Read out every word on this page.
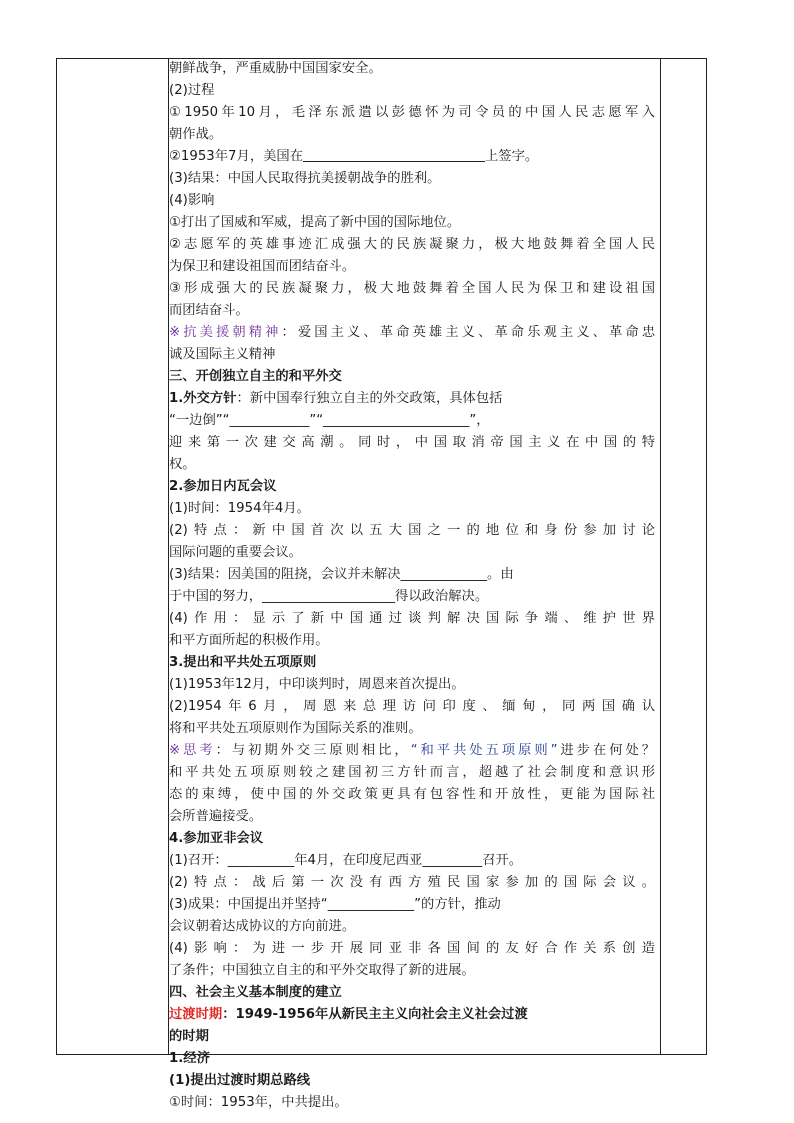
朝鲜战争，严重威胁中国国家安全。
(2)过程
①1950年10月，毛泽东派遣以彭德怀为司令员的中国人民志愿军入
朝作战。
②1953年7月，美国在	上签字。
(3)结果：中国人民取得抗美援朝战争的胜利。
(4)影响
①打出了国威和军威，提高了新中国的国际地位。
②志愿军的英雄事迹汇成强大的民族凝聚力，极大地鼓舞着全国人民
为保卫和建设祖国而团结奋斗。
③形成强大的民族凝聚力，极大地鼓舞着全国人民为保卫和建设祖国
而团结奋斗。
※抗美援朝精神：爱国主义、革命英雄主义、革命乐观主义、革命忠
诚及国际主义精神
三、开创独立自主的和平外交
1.外交方针：新中国奉行独立自主的外交政策，具体包括
“一边倒”“____________”“______________________”，
迎来第一次建交高潮。同时，中国取消帝国主义在中国的特
权。
2.参加日内瓦会议
(1)时间：1954年4月。
(2)特点：新中国首次以五大国之一的地位和身份参加讨论
国际问题的重要会议。
(3)结果：因美国的阻挠，会议并未解决_____________。由
于中国的努力，____________________得以政治解决。
(4)作用：显示了新中国通过谈判解决国际争端、维护世界
和平方面所起的积极作用。
3.提出和平共处五项原则
(1)1953年12月，中印谈判时，周恩来首次提出。
(2)1954年6月，周恩来总理访问印度、缅甸，同两国确认
将和平共处五项原则作为国际关系的准则。
※思考：与初期外交三原则相比，“和平共处五项原则”进步在何处？
和平共处五项原则较之建国初三方针而言，超越了社会制度和意识形
态的束缚，使中国的外交政策更具有包容性和开放性，更能为国际社
会所普遍接受。
4.参加亚非会议
(1)召开：__________年4月，在印度尼西亚_________召开。
(2)特点：战后第一次没有西方殖民国家参加的国际会议。
(3)成果：中国提出并坚持“_____________”的方针，推动
会议朝着达成协议的方向前进。
(4)影响：为进一步开展同亚非各国间的友好合作关系创造
了条件；中国独立自主的和平外交取得了新的进展。
四、社会主义基本制度的建立
过渡时期：1949-1956年从新民主主义向社会主义社会过渡
的时期
1.经济
(1)提出过渡时期总路线
①时间：1953年，中共提出。
